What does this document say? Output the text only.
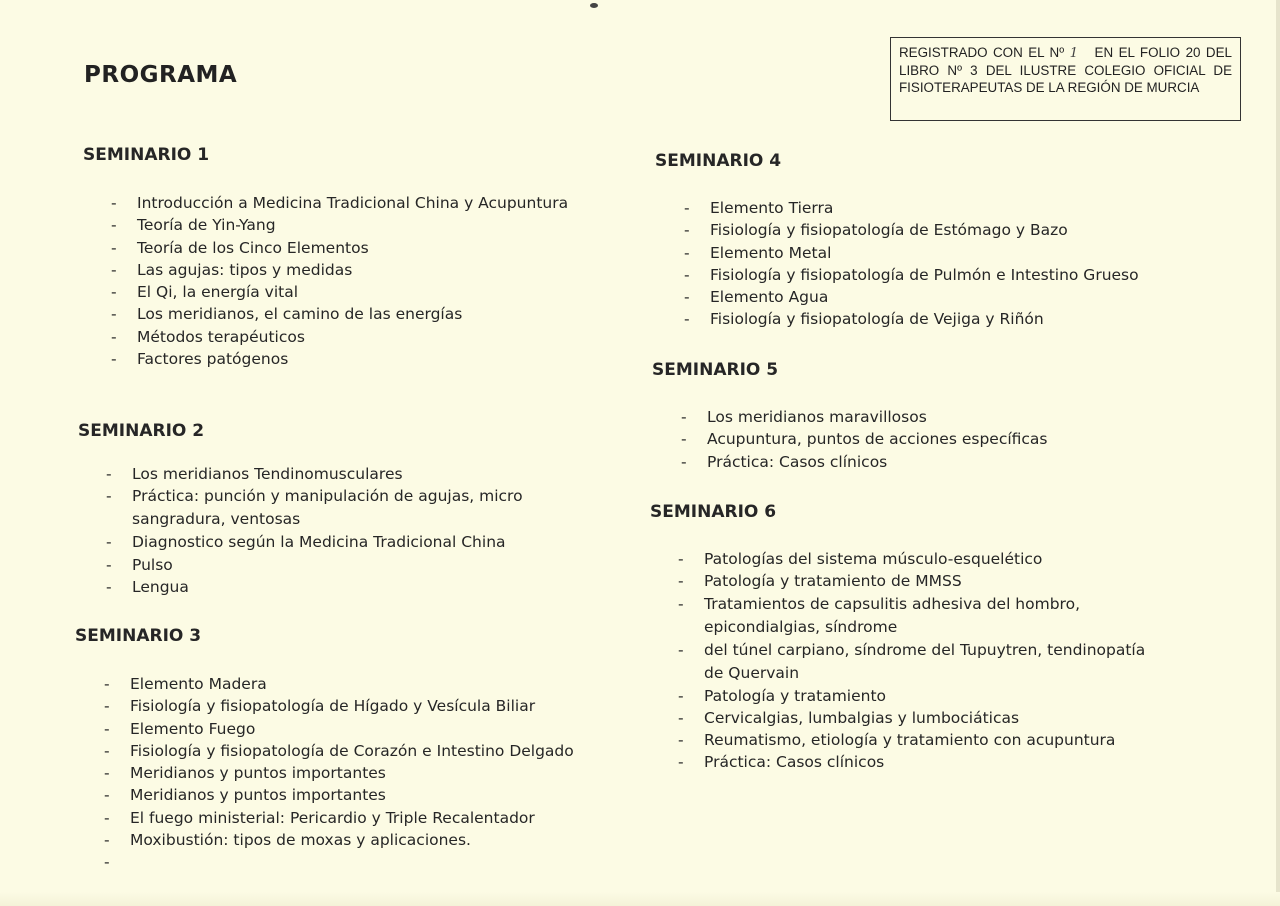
PROGRAMA
REGISTRADO CON EL Nº 1 EN EL FOLIO 20 DEL
LIBRO Nº 3 DEL ILUSTRE COLEGIO OFICIAL DE
FISIOTERAPEUTAS DE LA REGIÓN DE MURCIA
SEMINARIO 1
- Introducción a Medicina Tradicional China y Acupuntura
- Teoría de Yin-Yang
- Teoría de los Cinco Elementos
- Las agujas: tipos y medidas
- El Qi, la energía vital
- Los meridianos, el camino de las energías
- Métodos terapéuticos
- Factores patógenos
SEMINARIO 2
- Los meridianos Tendinomusculares
- Práctica: punción y manipulación de agujas, micro sangradura, ventosas
- Diagnostico según la Medicina Tradicional China
- Pulso
- Lengua
SEMINARIO 3
- Elemento Madera
- Fisiología y fisiopatología de Hígado y Vesícula Biliar
- Elemento Fuego
- Fisiología y fisiopatología de Corazón e Intestino Delgado
- Meridianos y puntos importantes
- Meridianos y puntos importantes
- El fuego ministerial: Pericardio y Triple Recalentador
- Moxibustión: tipos de moxas y aplicaciones.
-
SEMINARIO 4
- Elemento Tierra
- Fisiología y fisiopatología de Estómago y Bazo
- Elemento Metal
- Fisiología y fisiopatología de Pulmón e Intestino Grueso
- Elemento Agua
- Fisiología y fisiopatología de Vejiga y Riñón
SEMINARIO 5
- Los meridianos maravillosos
- Acupuntura, puntos de acciones específicas
- Práctica: Casos clínicos
SEMINARIO 6
- Patologías del sistema músculo-esquelético
- Patología y tratamiento de MMSS
- Tratamientos de capsulitis adhesiva del hombro, epicondialgias, síndrome
- del túnel carpiano, síndrome del Tupuytren, tendinopatía de Quervain
- Patología y tratamiento
- Cervicalgias, lumbalgias y lumbociáticas
- Reumatismo, etiología y tratamiento con acupuntura
- Práctica: Casos clínicos
